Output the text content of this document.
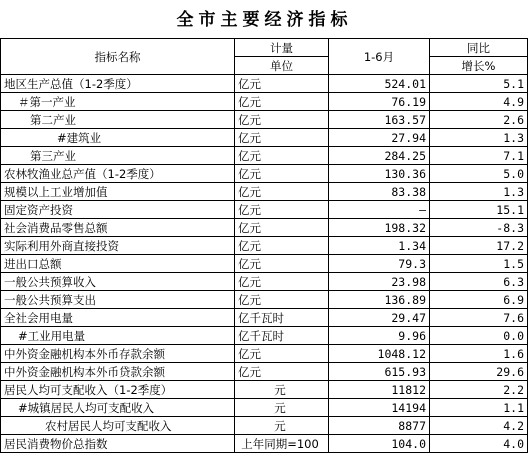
全市主要经济指标
指标名称	计量	1-6月	同比
	单位		增长%
地区生产总值（1-2季度）	亿元	524.01	5.1
＃第一产业	亿元	76.19	4.9
第二产业	亿元	163.57	2.6
#建筑业	亿元	27.94	1.3
第三产业	亿元	284.25	7.1
农林牧渔业总产值（1-2季度）	亿元	130.36	5.0
规模以上工业增加值	亿元	83.38	1.3
固定资产投资	亿元	—	15.1
社会消费品零售总额	亿元	198.32	-8.3
实际利用外商直接投资	亿元	1.34	17.2
进出口总额	亿元	79.3	1.5
一般公共预算收入	亿元	23.98	6.3
一般公共预算支出	亿元	136.89	6.9
全社会用电量	亿千瓦时	29.47	7.6
#工业用电量	亿千瓦时	9.96	0.0
中外资金融机构本外币存款余额	亿元	1048.12	1.6
中外资金融机构本外币贷款余额	亿元	615.93	29.6
居民人均可支配收入（1-2季度）	元	11812	2.2
#城镇居民人均可支配收入	元	14194	1.1
农村居民人均可支配收入	元	8877	4.2
居民消费物价总指数	上年同期=100	104.0	4.0
